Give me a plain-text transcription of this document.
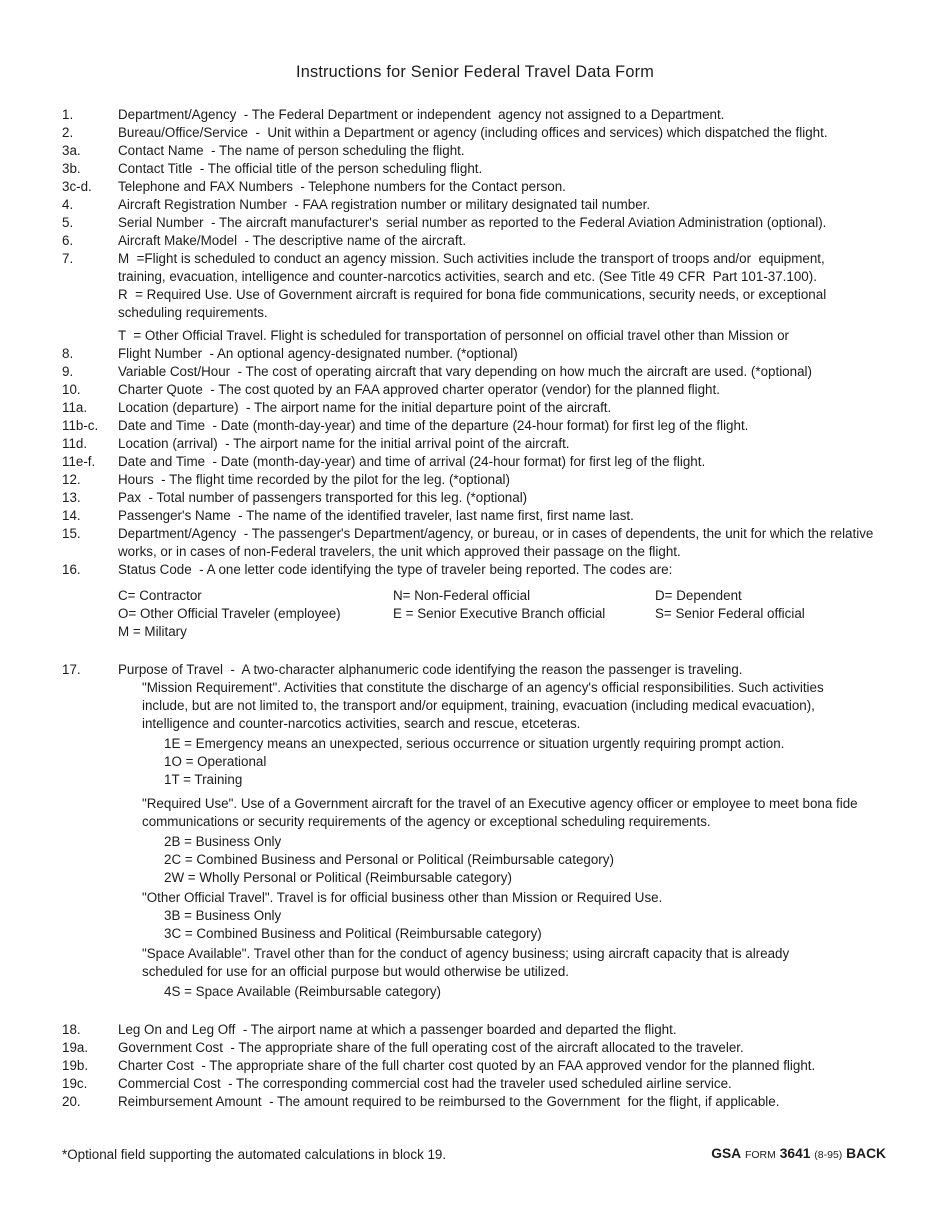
Instructions for Senior Federal Travel Data Form
1.	Department/Agency  - The Federal Department or independent  agency not assigned to a Department.
2.	Bureau/Office/Service  -  Unit within a Department or agency (including offices and services) which dispatched the flight.
3a.	Contact Name  - The name of person scheduling the flight.
3b.	Contact Title  - The official title of the person scheduling flight.
3c-d. Telephone and FAX Numbers  - Telephone numbers for the Contact person.
4.	Aircraft Registration Number  - FAA registration number or military designated tail number.
5.	Serial Number  - The aircraft manufacturer's  serial number as reported to the Federal Aviation Administration (optional).
6.	Aircraft Make/Model  - The descriptive name of the aircraft.
7.	M  =Flight is scheduled to conduct an agency mission. Such activities include the transport of troops and/or  equipment,
training, evacuation, intelligence and counter-narcotics activities, search and etc. (See Title 49 CFR  Part 101-37.100).
R  = Required Use. Use of Government aircraft is required for bona fide communications, security needs, or exceptional
scheduling requirements.
T  = Other Official Travel. Flight is scheduled for transportation of personnel on official travel other than Mission or
8.	Flight Number  - An optional agency-designated number. (*optional)
9.	Variable Cost/Hour  - The cost of operating aircraft that vary depending on how much the aircraft are used. (*optional)
10.	Charter Quote  - The cost quoted by an FAA approved charter operator (vendor) for the planned flight.
11a. Location (departure)  - The airport name for the initial departure point of the aircraft.
11b-c. Date and Time  - Date (month-day-year) and time of the departure (24-hour format) for first leg of the flight.
11d. Location (arrival)  - The airport name for the initial arrival point of the aircraft.
11e-f. Date and Time  - Date (month-day-year) and time of arrival (24-hour format) for first leg of the flight.
12.	Hours  - The flight time recorded by the pilot for the leg. (*optional)
13.	Pax  - Total number of passengers transported for this leg. (*optional)
14.	Passenger's Name  - The name of the identified traveler, last name first, first name last.
15.	Department/Agency  - The passenger's Department/agency, or bureau, or in cases of dependents, the unit for which the relative
works, or in cases of non-Federal travelers, the unit which approved their passage on the flight.
16.	Status Code  - A one letter code identifying the type of traveler being reported. The codes are:
C= Contractor	N= Non-Federal official	D= Dependent
O= Other Official Traveler (employee)	E = Senior Executive Branch official	S= Senior Federal official
M = Military
17.	Purpose of Travel  -  A two-character alphanumeric code identifying the reason the passenger is traveling.
"Mission Requirement". Activities that constitute the discharge of an agency's official responsibilities. Such activities
include, but are not limited to, the transport and/or equipment, training, evacuation (including medical evacuation),
intelligence and counter-narcotics activities, search and rescue, etceteras.
1E = Emergency means an unexpected, serious occurrence or situation urgently requiring prompt action.
1O = Operational
1T = Training
"Required Use". Use of a Government aircraft for the travel of an Executive agency officer or employee to meet bona fide
communications or security requirements of the agency or exceptional scheduling requirements.
2B = Business Only
2C = Combined Business and Personal or Political (Reimbursable category)
2W = Wholly Personal or Political (Reimbursable category)
"Other Official Travel". Travel is for official business other than Mission or Required Use.
3B = Business Only
3C = Combined Business and Political (Reimbursable category)
"Space Available". Travel other than for the conduct of agency business; using aircraft capacity that is already
scheduled for use for an official purpose but would otherwise be utilized.
4S = Space Available (Reimbursable category)
18.	Leg On and Leg Off  - The airport name at which a passenger boarded and departed the flight.
19a. Government Cost  - The appropriate share of the full operating cost of the aircraft allocated to the traveler.
19b. Charter Cost  - The appropriate share of the full charter cost quoted by an FAA approved vendor for the planned flight.
19c. Commercial Cost  - The corresponding commercial cost had the traveler used scheduled airline service.
20.	Reimbursement Amount  - The amount required to be reimbursed to the Government  for the flight, if applicable.
*Optional field supporting the automated calculations in block 19.	GSA FORM 3641 (8-95) BACK
